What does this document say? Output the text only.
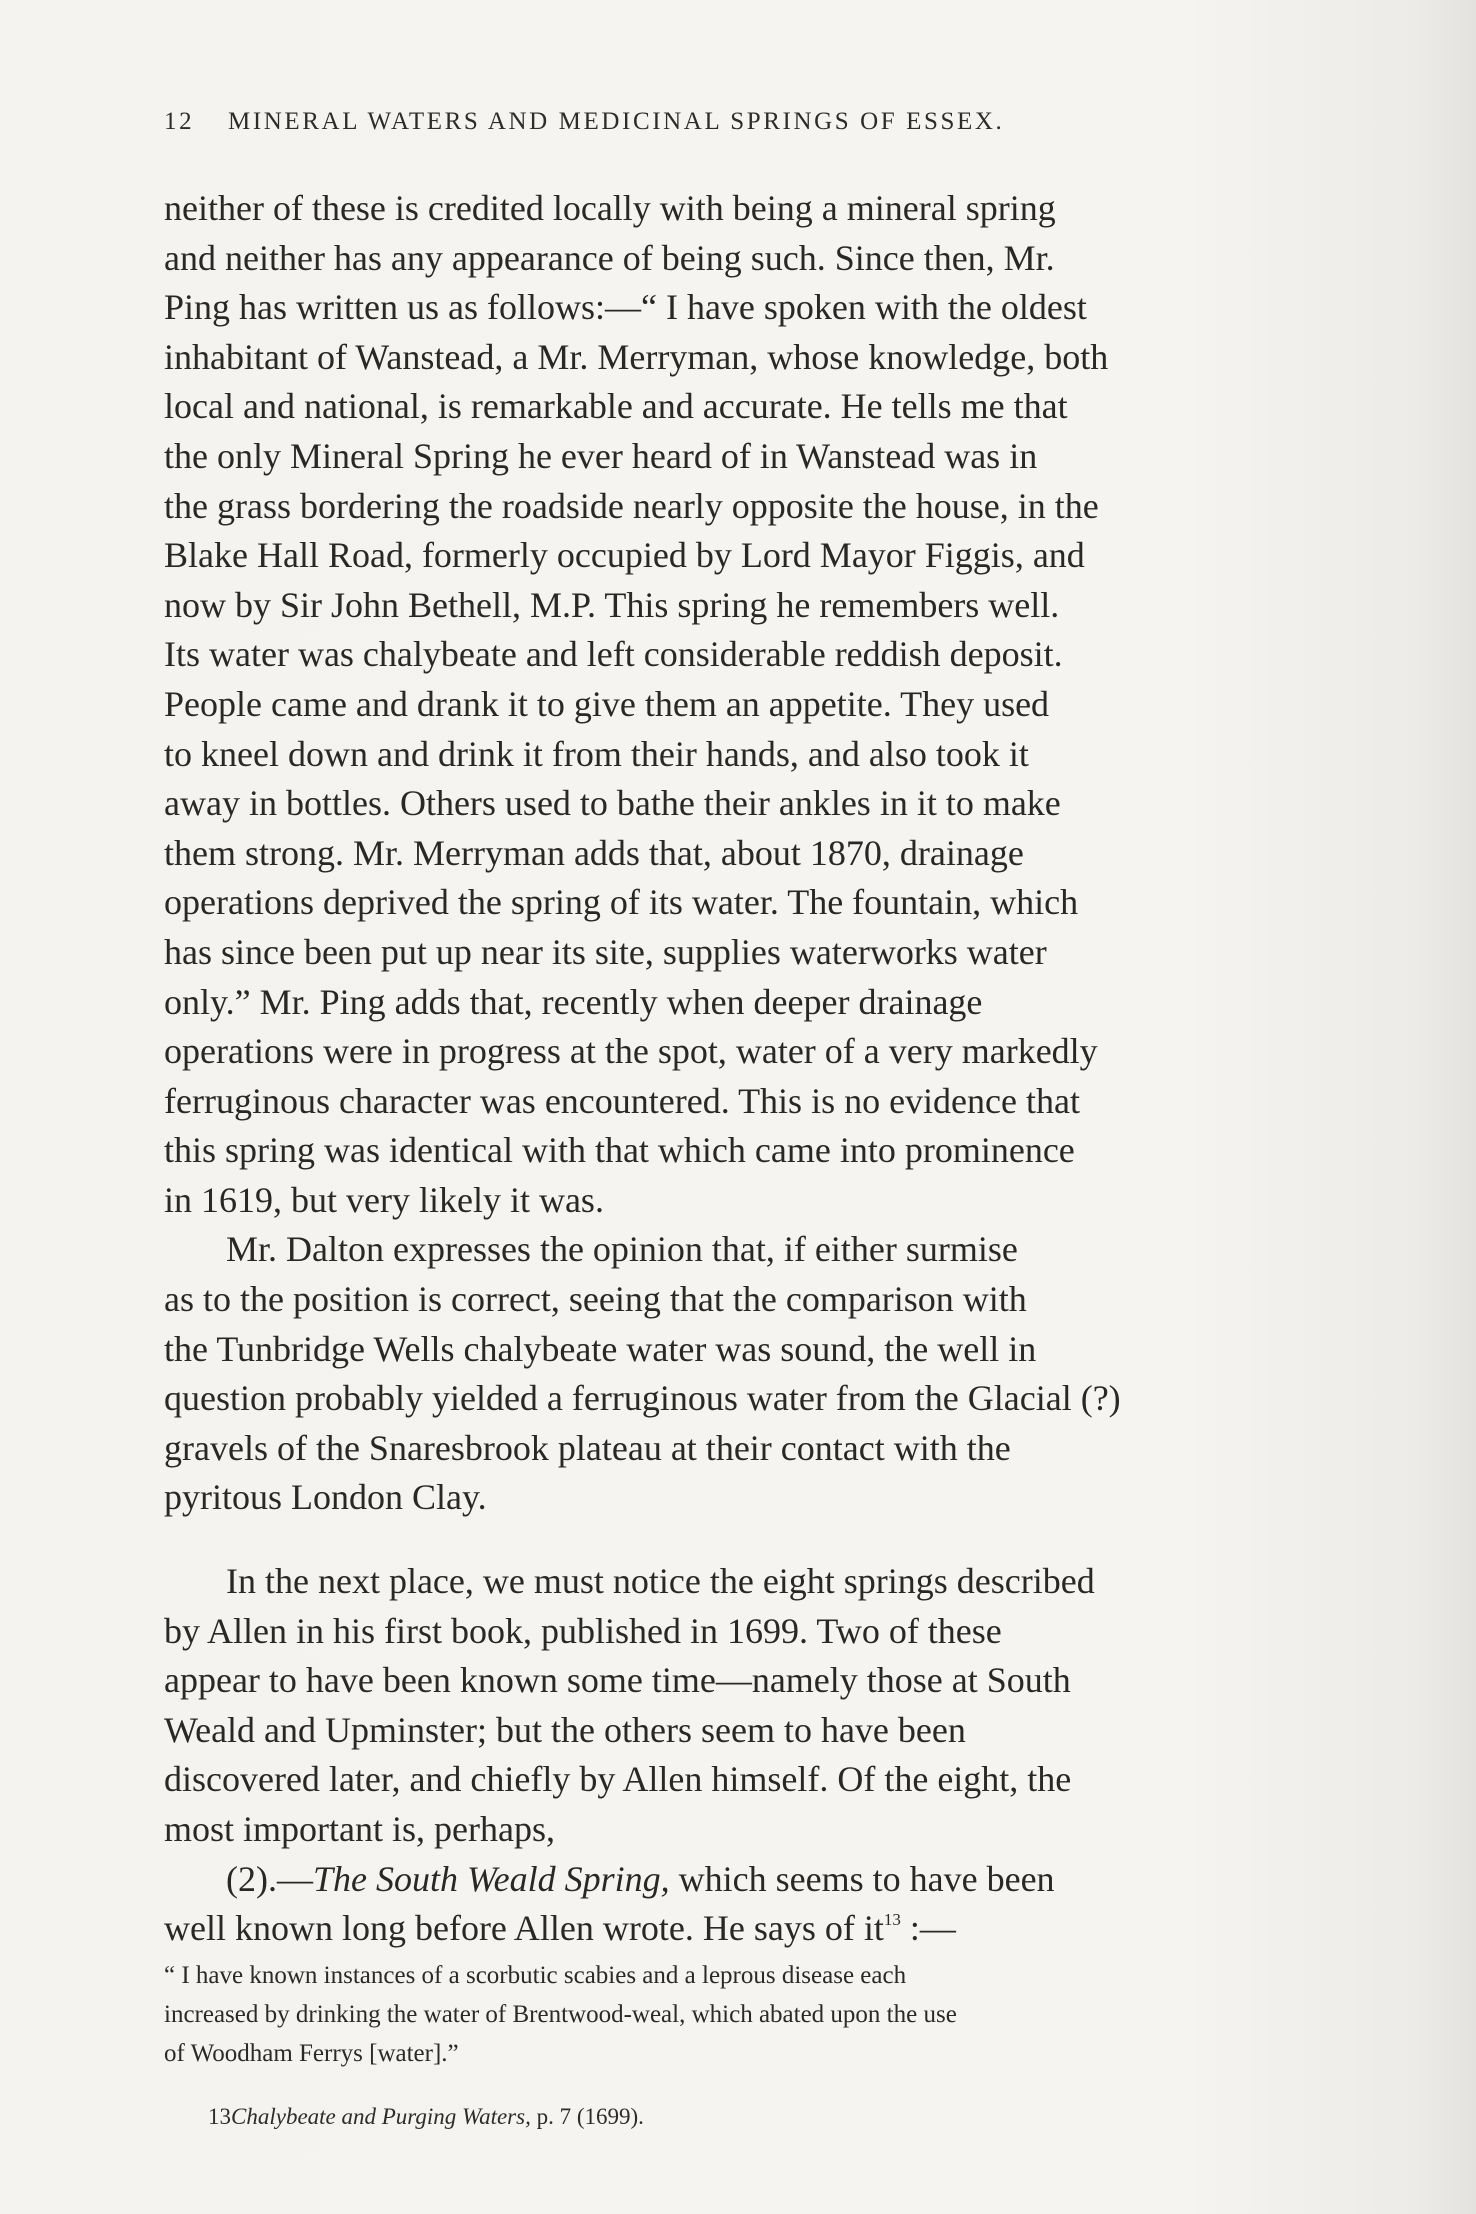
12 MINERAL WATERS AND MEDICINAL SPRINGS OF ESSEX.
neither of these is credited locally with being a mineral spring
and neither has any appearance of being such. Since then, Mr.
Ping has written us as follows:—“ I have spoken with the oldest
inhabitant of Wanstead, a Mr. Merryman, whose knowledge, both
local and national, is remarkable and accurate. He tells me that
the only Mineral Spring he ever heard of in Wanstead was in
the grass bordering the roadside nearly opposite the house, in the
Blake Hall Road, formerly occupied by Lord Mayor Figgis, and
now by Sir John Bethell, M.P. This spring he remembers well.
Its water was chalybeate and left considerable reddish deposit.
People came and drank it to give them an appetite. They used
to kneel down and drink it from their hands, and also took it
away in bottles. Others used to bathe their ankles in it to make
them strong. Mr. Merryman adds that, about 1870, drainage
operations deprived the spring of its water. The fountain, which
has since been put up near its site, supplies waterworks water
only.” Mr. Ping adds that, recently when deeper drainage
operations were in progress at the spot, water of a very markedly
ferruginous character was encountered. This is no evidence that
this spring was identical with that which came into prominence
in 1619, but very likely it was.
Mr. Dalton expresses the opinion that, if either surmise
as to the position is correct, seeing that the comparison with
the Tunbridge Wells chalybeate water was sound, the well in
question probably yielded a ferruginous water from the Glacial (?)
gravels of the Snaresbrook plateau at their contact with the
pyritous London Clay.
In the next place, we must notice the eight springs described
by Allen in his first book, published in 1699. Two of these
appear to have been known some time—namely those at South
Weald and Upminster; but the others seem to have been
discovered later, and chiefly by Allen himself. Of the eight, the
most important is, perhaps,
(2).—The South Weald Spring, which seems to have been
well known long before Allen wrote. He says of $it^{13}$ :—
“ I have known instances of a scorbutic scabies and a leprous disease each
increased by drinking the water of Brentwood-weal, which abated upon the use
of Woodham Ferrys [water].”
13Chalybeate and Purging Waters, p. 7 (1699).
